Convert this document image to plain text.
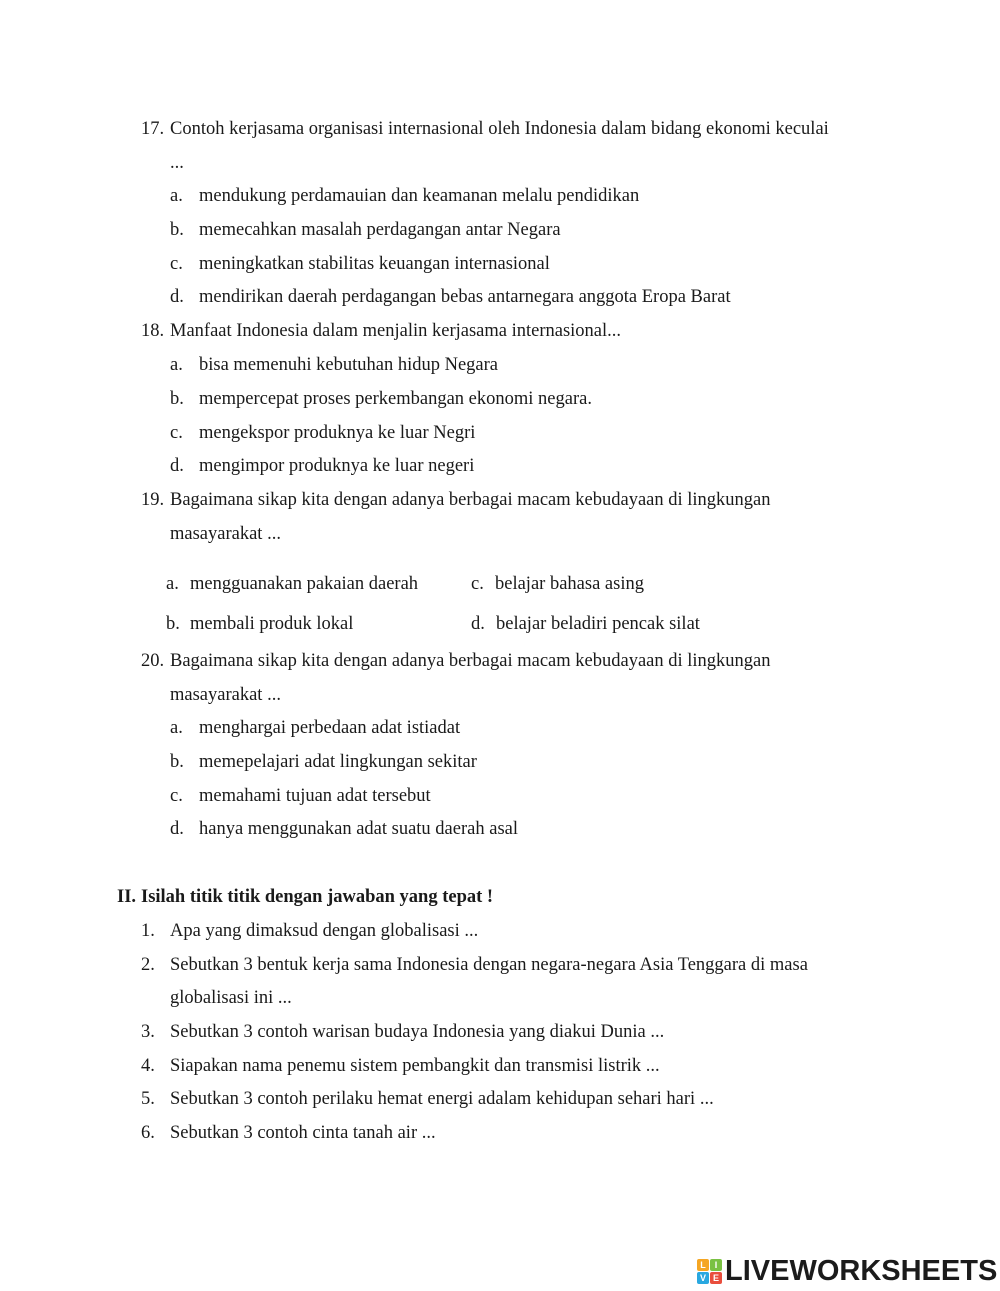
17. Contoh kerjasama organisasi internasional oleh Indonesia dalam bidang ekonomi keculai
...
a. mendukung perdamauian dan keamanan melalu pendidikan
b. memecahkan masalah perdagangan antar Negara
c. meningkatkan stabilitas keuangan internasional
d. mendirikan daerah perdagangan bebas antarnegara anggota Eropa Barat
18. Manfaat Indonesia dalam menjalin kerjasama internasional...
a. bisa memenuhi kebutuhan hidup Negara
b. mempercepat proses perkembangan ekonomi negara.
c. mengekspor produknya ke luar Negri
d. mengimpor produknya ke luar negeri
19. Bagaimana sikap kita dengan adanya berbagai macam kebudayaan di lingkungan
masayarakat ...
a. mengguanakan pakaian daerah	c. belajar bahasa asing
b. membali produk lokal	d. belajar beladiri pencak silat
20. Bagaimana sikap kita dengan adanya berbagai macam kebudayaan di lingkungan
masayarakat ...
a. menghargai perbedaan adat istiadat
b. memepelajari adat lingkungan sekitar
c. memahami tujuan adat tersebut
d. hanya menggunakan adat suatu daerah asal
II. Isilah titik titik dengan jawaban yang tepat !
1. Apa yang dimaksud dengan globalisasi ...
2. Sebutkan 3 bentuk kerja sama Indonesia dengan negara-negara Asia Tenggara di masa
globalisasi ini ...
3. Sebutkan 3 contoh warisan budaya Indonesia yang diakui Dunia ...
4. Siapakan nama penemu sistem pembangkit dan transmisi listrik ...
5. Sebutkan 3 contoh perilaku hemat energi adalam kehidupan sehari hari ...
6. Sebutkan 3 contoh cinta tanah air ...
L I
V E LIVEWORKSHEETS
